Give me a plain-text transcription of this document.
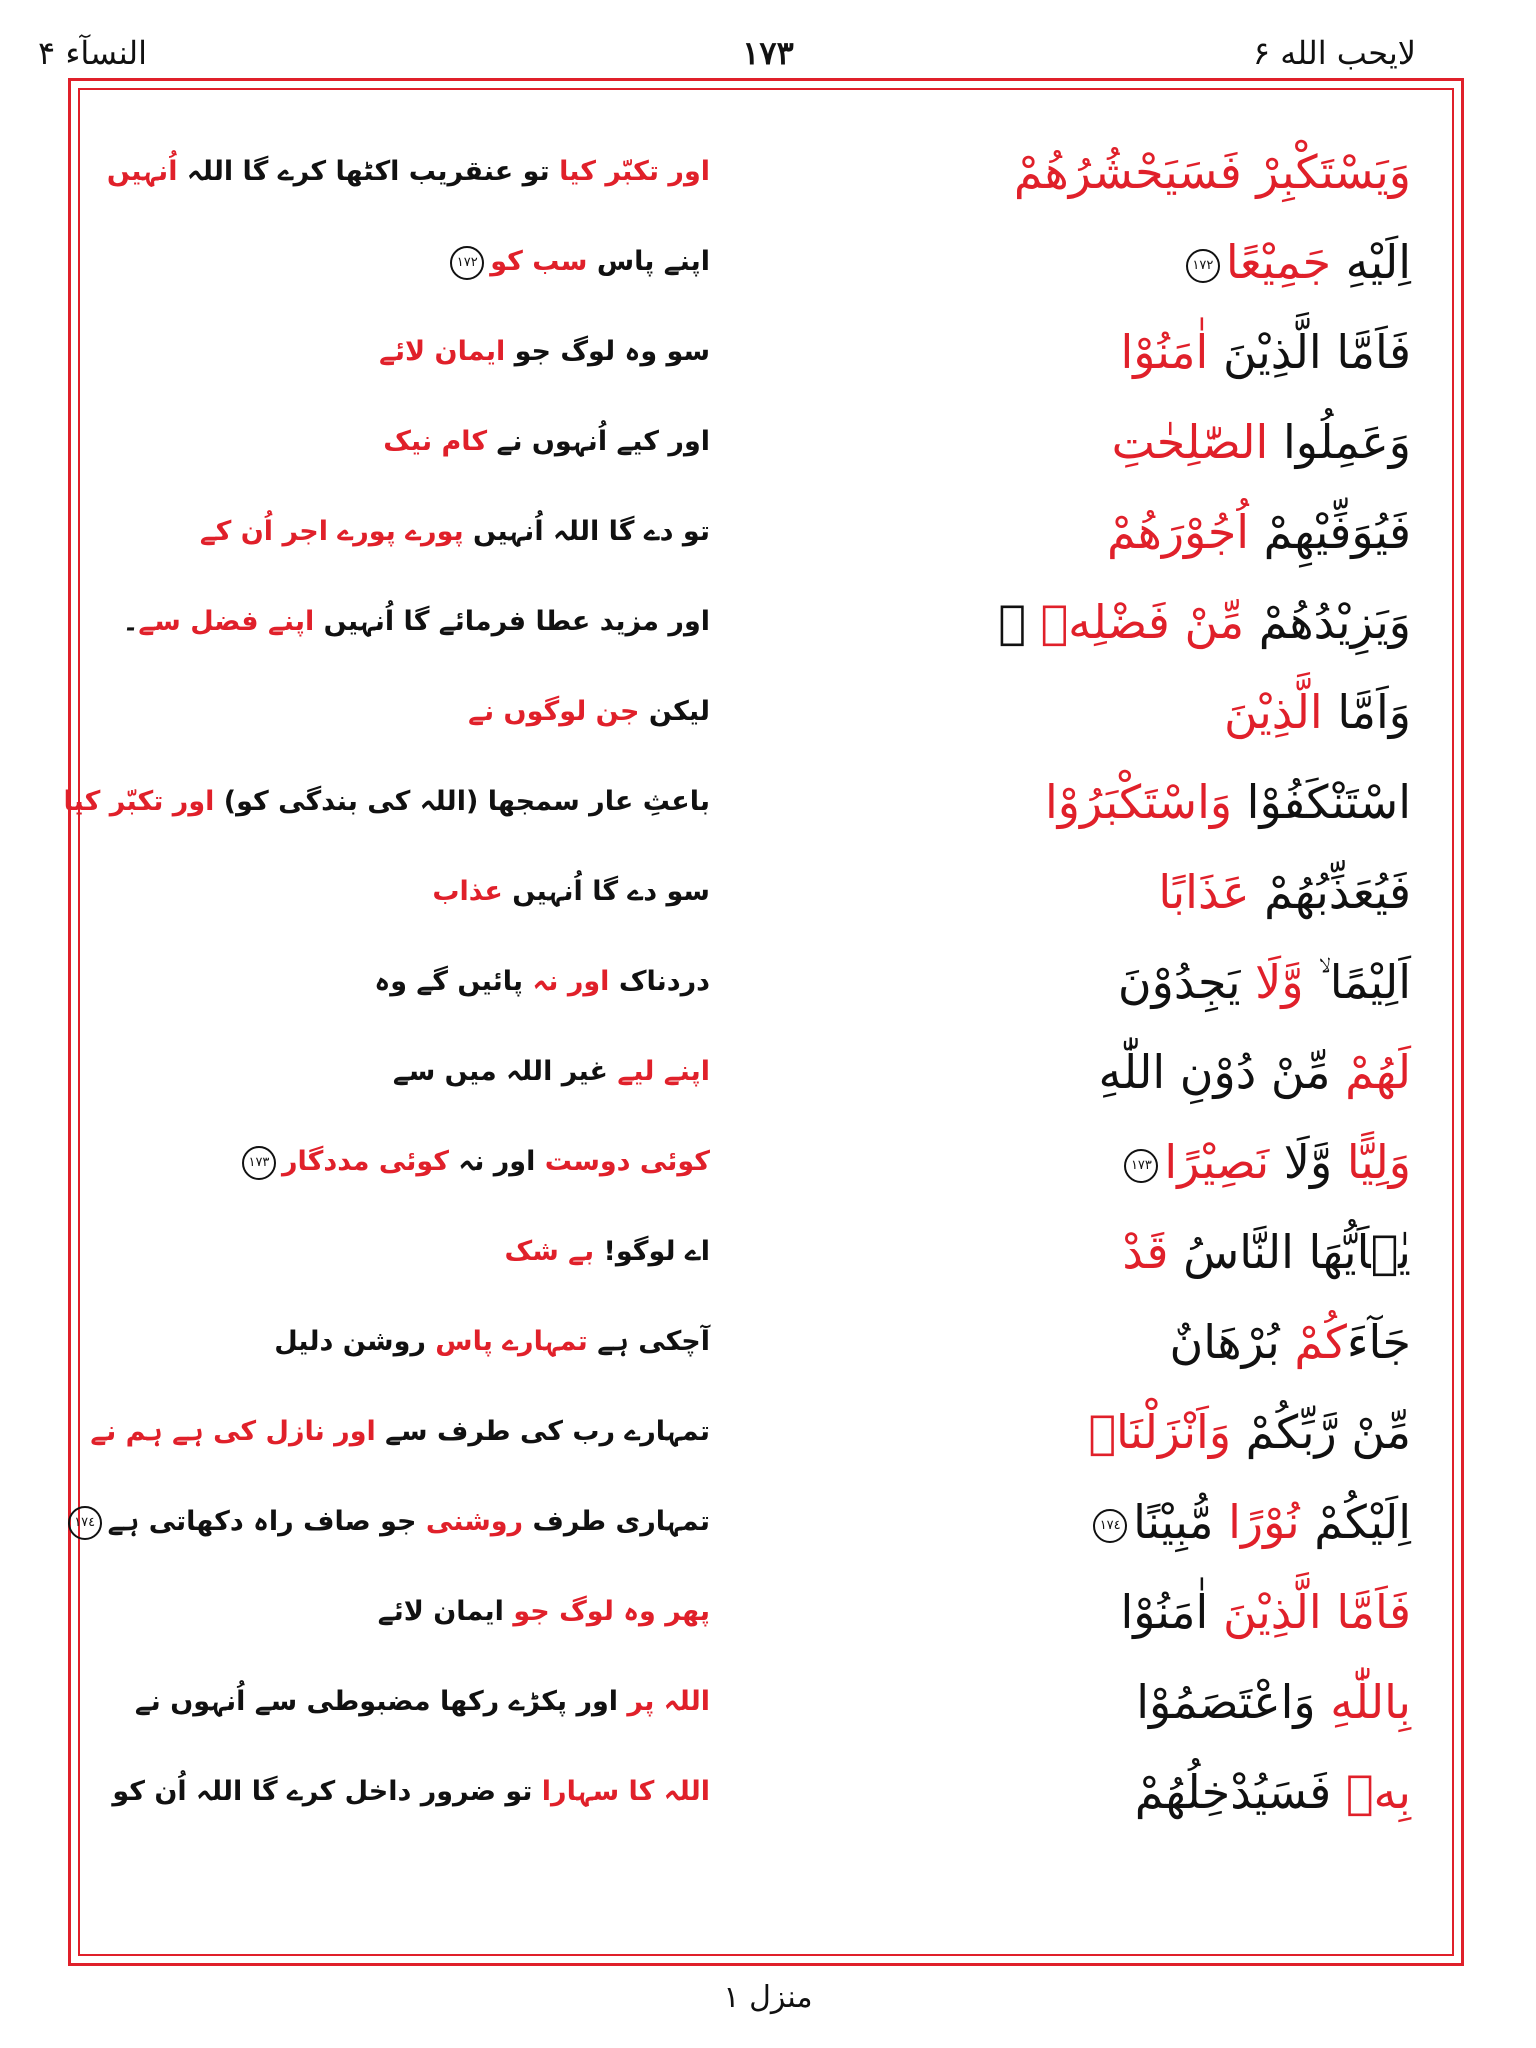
النسآء ۴	١٧٣	لايحب الله ۶
وَيَسْتَكْبِرْ فَسَيَحْشُرُهُمْ
اور تکبّر کیا تو عنقریب اکٹھا کرے گا اللہ اُنہیں
اِلَيْهِ جَمِيْعًا١٧٢
اپنے پاس سب کو١٧٢
فَاَمَّا الَّذِيْنَ اٰمَنُوْا
سو وہ لوگ جو ایمان لائے
وَعَمِلُوا الصّٰلِحٰتِ
اور کیے اُنہوں نے کام نیک
فَيُوَفِّيْهِمْ اُجُوْرَهُمْ
تو دے گا اللہ اُنہیں پورے پورے اجر اُن کے
وَيَزِيْدُهُمْ مِّنْ فَضْلِهٖ ۚ
اور مزید عطا فرمائے گا اُنہیں اپنے فضل سے۔
وَاَمَّا الَّذِيْنَ
لیکن جن لوگوں نے
اسْتَنْكَفُوْا وَاسْتَكْبَرُوْا
باعثِ عار سمجھا (اللہ کی بندگی کو) اور تکبّر کیا
فَيُعَذِّبُهُمْ عَذَابًا
سو دے گا اُنہیں عذاب
اَلِيْمًا ۙ وَّلَا يَجِدُوْنَ
دردناک اور نہ پائیں گے وہ
لَهُمْ مِّنْ دُوْنِ اللّٰهِ
اپنے لیے غیر اللہ میں سے
وَلِيًّا وَّلَا نَصِيْرًا١٧٣
کوئی دوست اور نہ کوئی مددگار١٧٣
يٰۤاَيُّهَا النَّاسُ قَدْ
اے لوگو! بے شک
جَآءَكُمْ بُرْهَانٌ
آچکی ہے تمہارے پاس روشن دلیل
مِّنْ رَّبِّكُمْ وَاَنْزَلْنَاۤ
تمہارے رب کی طرف سے اور نازل کی ہے ہم نے
اِلَيْكُمْ نُوْرًا مُّبِيْنًا١٧٤
تمہاری طرف روشنی جو صاف راہ دکھاتی ہے١٧٤
فَاَمَّا الَّذِيْنَ اٰمَنُوْا
پھر وہ لوگ جو ایمان لائے
بِاللّٰهِ وَاعْتَصَمُوْا
اللہ پر اور پکڑے رکھا مضبوطی سے اُنہوں نے
بِهٖ فَسَيُدْخِلُهُمْ
اللہ کا سہارا تو ضرور داخل کرے گا اللہ اُن کو
منزل ۱
